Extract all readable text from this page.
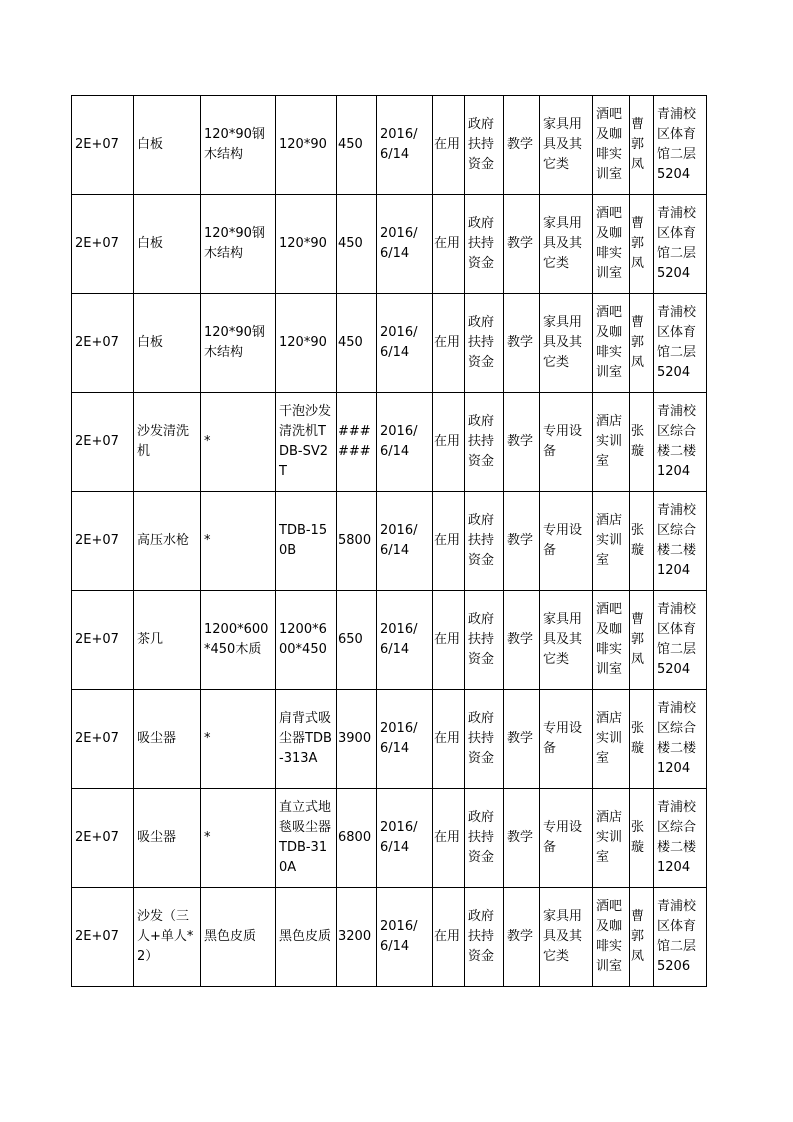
2E+07	白板	120*90钢木结构	120*90	450	2016/6/14	在用	政府扶持资金	教学	家具用具及其它类	酒吧及咖啡实训室	曹郭凤	青浦校区体育馆二层5204
2E+07	白板	120*90钢木结构	120*90	450	2016/6/14	在用	政府扶持资金	教学	家具用具及其它类	酒吧及咖啡实训室	曹郭凤	青浦校区体育馆二层5204
2E+07	白板	120*90钢木结构	120*90	450	2016/6/14	在用	政府扶持资金	教学	家具用具及其它类	酒吧及咖啡实训室	曹郭凤	青浦校区体育馆二层5204
2E+07	沙发清洗机	*	干泡沙发清洗机TDB-SV2T	######	2016/6/14	在用	政府扶持资金	教学	专用设备	酒店实训室	张璇	青浦校区综合楼二楼1204
2E+07	高压水枪	*	TDB-150B	5800	2016/6/14	在用	政府扶持资金	教学	专用设备	酒店实训室	张璇	青浦校区综合楼二楼1204
2E+07	茶几	1200*600*450木质	1200*600*450	650	2016/6/14	在用	政府扶持资金	教学	家具用具及其它类	酒吧及咖啡实训室	曹郭凤	青浦校区体育馆二层5204
2E+07	吸尘器	*	肩背式吸尘器TDB-313A	3900	2016/6/14	在用	政府扶持资金	教学	专用设备	酒店实训室	张璇	青浦校区综合楼二楼1204
2E+07	吸尘器	*	直立式地毯吸尘器TDB-310A	6800	2016/6/14	在用	政府扶持资金	教学	专用设备	酒店实训室	张璇	青浦校区综合楼二楼1204
2E+07	沙发（三人+单人*2）	黑色皮质	黑色皮质	3200	2016/6/14	在用	政府扶持资金	教学	家具用具及其它类	酒吧及咖啡实训室	曹郭凤	青浦校区体育馆二层5206
